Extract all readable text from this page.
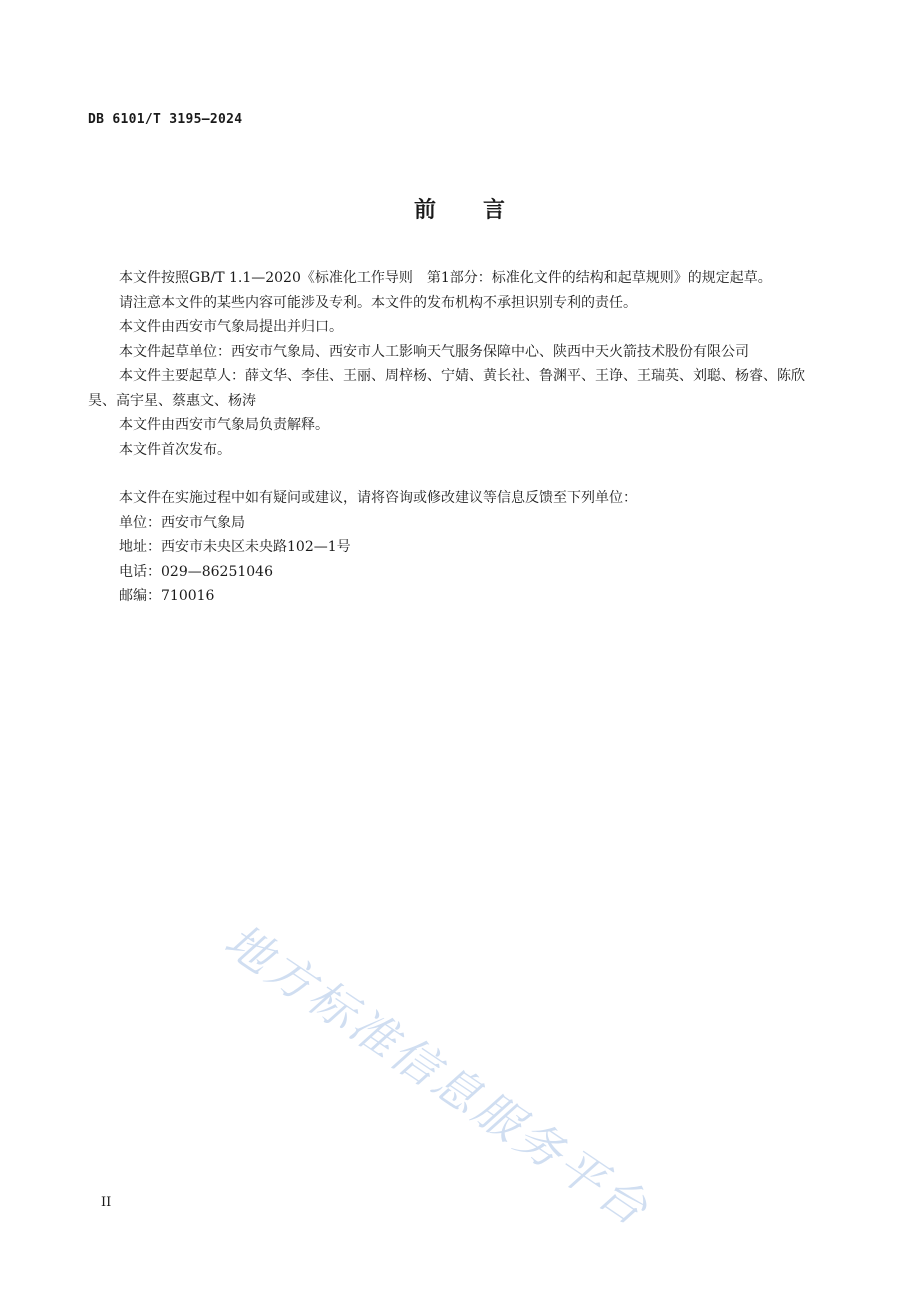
DB 6101/T 3195—2024

前　　言

本文件按照GB/T 1.1—2020《标准化工作导则　第1部分：标准化文件的结构和起草规则》的规定起草。

请注意本文件的某些内容可能涉及专利。本文件的发布机构不承担识别专利的责任。

本文件由西安市气象局提出并归口。

本文件起草单位：西安市气象局、西安市人工影响天气服务保障中心、陕西中天火箭技术股份有限公司

本文件主要起草人：薛文华、李佳、王丽、周梓杨、宁婧、黄长社、鲁渊平、王诤、王瑞英、刘聪、杨睿、陈欣昊、高宇星、蔡惠文、杨涛

本文件由西安市气象局负责解释。

本文件首次发布。

本文件在实施过程中如有疑问或建议，请将咨询或修改建议等信息反馈至下列单位：

单位：西安市气象局

地址：西安市未央区未央路102—1号

电话：029—86251046

邮编：710016

地方标准信息服务平台

II
